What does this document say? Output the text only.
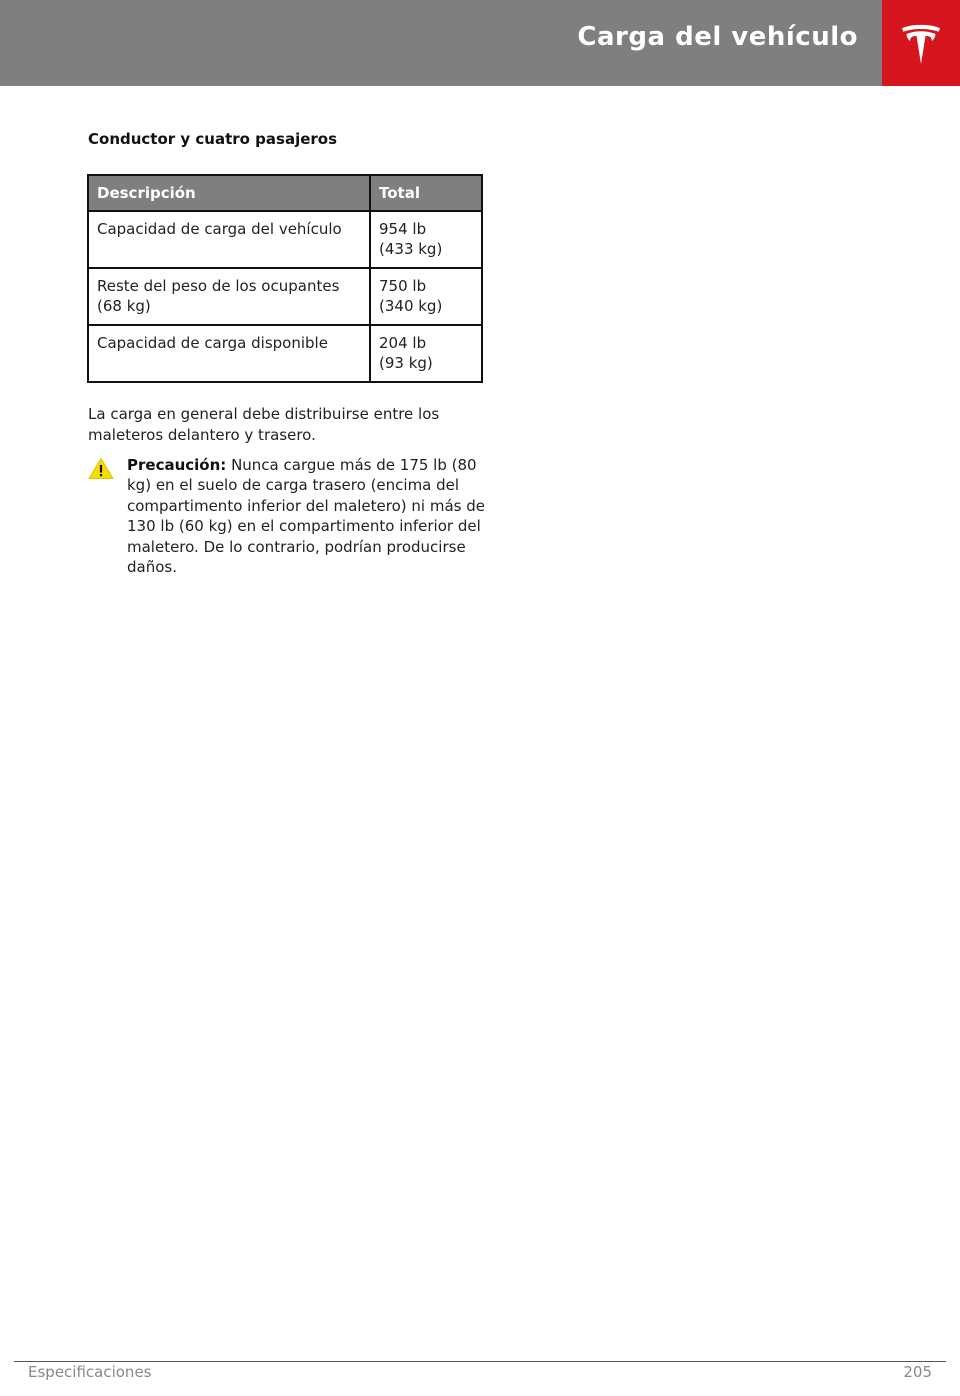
Carga del vehículo
Conductor y cuatro pasajeros
Descripción	Total
Capacidad de carga del vehículo	954 lb
(433 kg)

Reste del peso de los ocupantes (68 kg)	750 lb
(340 kg)

Capacidad de carga disponible	204 lb
(93 kg)
La carga en general debe distribuirse entre los maleteros delantero y trasero.
Precaución: Nunca cargue más de 175 lb (80 kg) en el suelo de carga trasero (encima del compartimento inferior del maletero) ni más de 130 lb (60 kg) en el compartimento inferior del maletero. De lo contrario, podrían producirse daños.
Especificaciones	205
